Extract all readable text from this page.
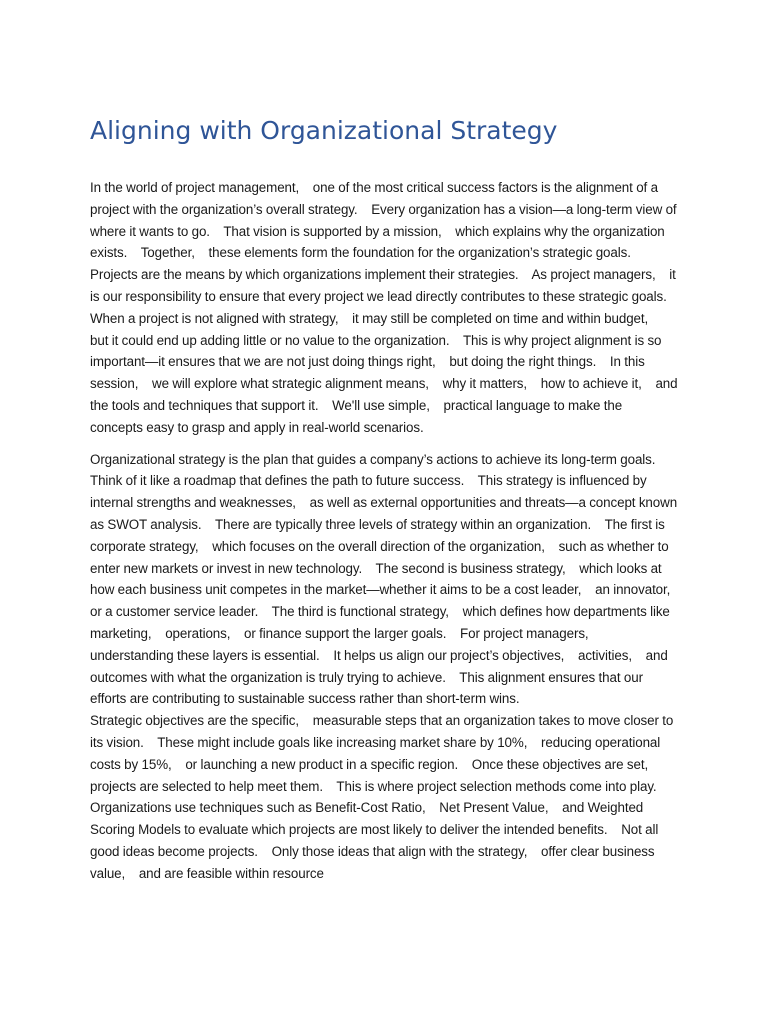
Aligning with Organizational Strategy

In the world of project management,    one of the most critical success factors is the alignment of a project with the organization’s overall strategy.    Every organization has a vision—a long-term view of where it wants to go.    That vision is supported by a mission,    which explains why the organization exists.    Together,    these elements form the foundation for the organization’s strategic goals.    Projects are the means by which organizations implement their strategies.    As project managers,    it is our responsibility to ensure that every project we lead directly contributes to these strategic goals.    When a project is not aligned with strategy,    it may still be completed on time and within budget,    but it could end up adding little or no value to the organization.    This is why project alignment is so important—it ensures that we are not just doing things right,    but doing the right things.    In this session,    we will explore what strategic alignment means,    why it matters,    how to achieve it,    and the tools and techniques that support it.    We'll use simple,    practical language to make the concepts easy to grasp and apply in real-world scenarios.

Organizational strategy is the plan that guides a company’s actions to achieve its long-term goals.    Think of it like a roadmap that defines the path to future success.    This strategy is influenced by internal strengths and weaknesses,    as well as external opportunities and threats—a concept known as SWOT analysis.    There are typically three levels of strategy within an organization.    The first is corporate strategy,    which focuses on the overall direction of the organization,    such as whether to enter new markets or invest in new technology.    The second is business strategy,    which looks at how each business unit competes in the market—whether it aims to be a cost leader,    an innovator,    or a customer service leader.    The third is functional strategy,    which defines how departments like marketing,    operations,    or finance support the larger goals.    For project managers,    understanding these layers is essential.    It helps us align our project’s objectives,    activities,    and outcomes with what the organization is truly trying to achieve.    This alignment ensures that our efforts are contributing to sustainable success rather than short-term wins.

Strategic objectives are the specific,    measurable steps that an organization takes to move closer to its vision.    These might include goals like increasing market share by 10%,    reducing operational costs by 15%,    or launching a new product in a specific region.    Once these objectives are set,    projects are selected to help meet them.    This is where project selection methods come into play.    Organizations use techniques such as Benefit-Cost Ratio,    Net Present Value,    and Weighted Scoring Models to evaluate which projects are most likely to deliver the intended benefits.    Not all good ideas become projects.    Only those ideas that align with the strategy,    offer clear business value,    and are feasible within resource
